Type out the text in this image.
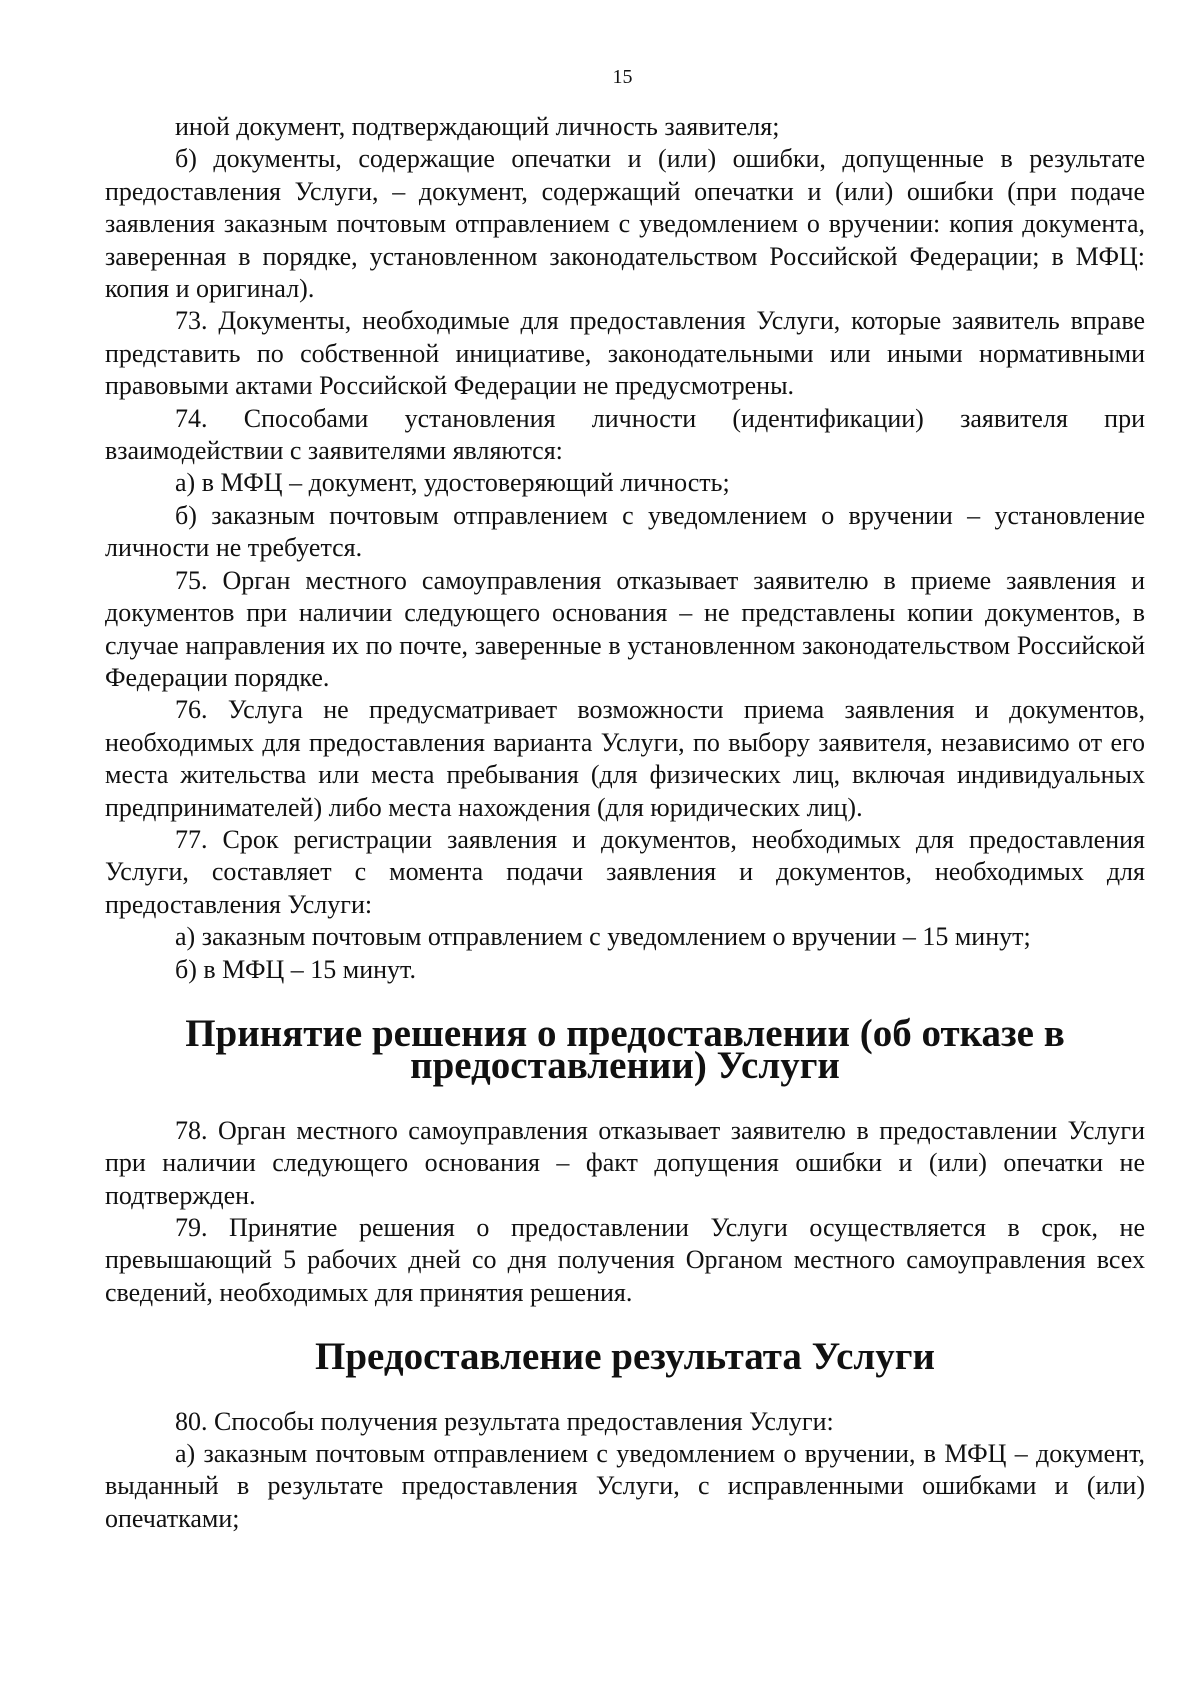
15

иной документ, подтверждающий личность заявителя;

б) документы, содержащие опечатки и (или) ошибки, допущенные в результате предоставления Услуги, – документ, содержащий опечатки и (или) ошибки (при подаче заявления заказным почтовым отправлением с уведомлением о вручении: копия документа, заверенная в порядке, установленном законодательством Российской Федерации; в МФЦ: копия и оригинал).

73. Документы, необходимые для предоставления Услуги, которые заявитель вправе представить по собственной инициативе, законодательными или иными нормативными правовыми актами Российской Федерации не предусмотрены.

74. Способами установления личности (идентификации) заявителя при взаимодействии с заявителями являются:

а) в МФЦ – документ, удостоверяющий личность;

б) заказным почтовым отправлением с уведомлением о вручении – установление личности не требуется.

75. Орган местного самоуправления отказывает заявителю в приеме заявления и документов при наличии следующего основания – не представлены копии документов, в случае направления их по почте, заверенные в установленном законодательством Российской Федерации порядке.

76. Услуга не предусматривает возможности приема заявления и документов, необходимых для предоставления варианта Услуги, по выбору заявителя, независимо от его места жительства или места пребывания (для физических лиц, включая индивидуальных предпринимателей) либо места нахождения (для юридических лиц).

77. Срок регистрации заявления и документов, необходимых для предоставления Услуги, составляет с момента подачи заявления и документов, необходимых для предоставления Услуги:

а) заказным почтовым отправлением с уведомлением о вручении – 15 минут;

б) в МФЦ – 15 минут.

Принятие решения о предоставлении (об отказе в предоставлении) Услуги

78. Орган местного самоуправления отказывает заявителю в предоставлении Услуги при наличии следующего основания – факт допущения ошибки и (или) опечатки не подтвержден.

79. Принятие решения о предоставлении Услуги осуществляется в срок, не превышающий 5 рабочих дней со дня получения Органом местного самоуправления всех сведений, необходимых для принятия решения.

Предоставление результата Услуги

80. Способы получения результата предоставления Услуги:

а) заказным почтовым отправлением с уведомлением о вручении, в МФЦ – документ, выданный в результате предоставления Услуги, с исправленными ошибками и (или) опечатками;
